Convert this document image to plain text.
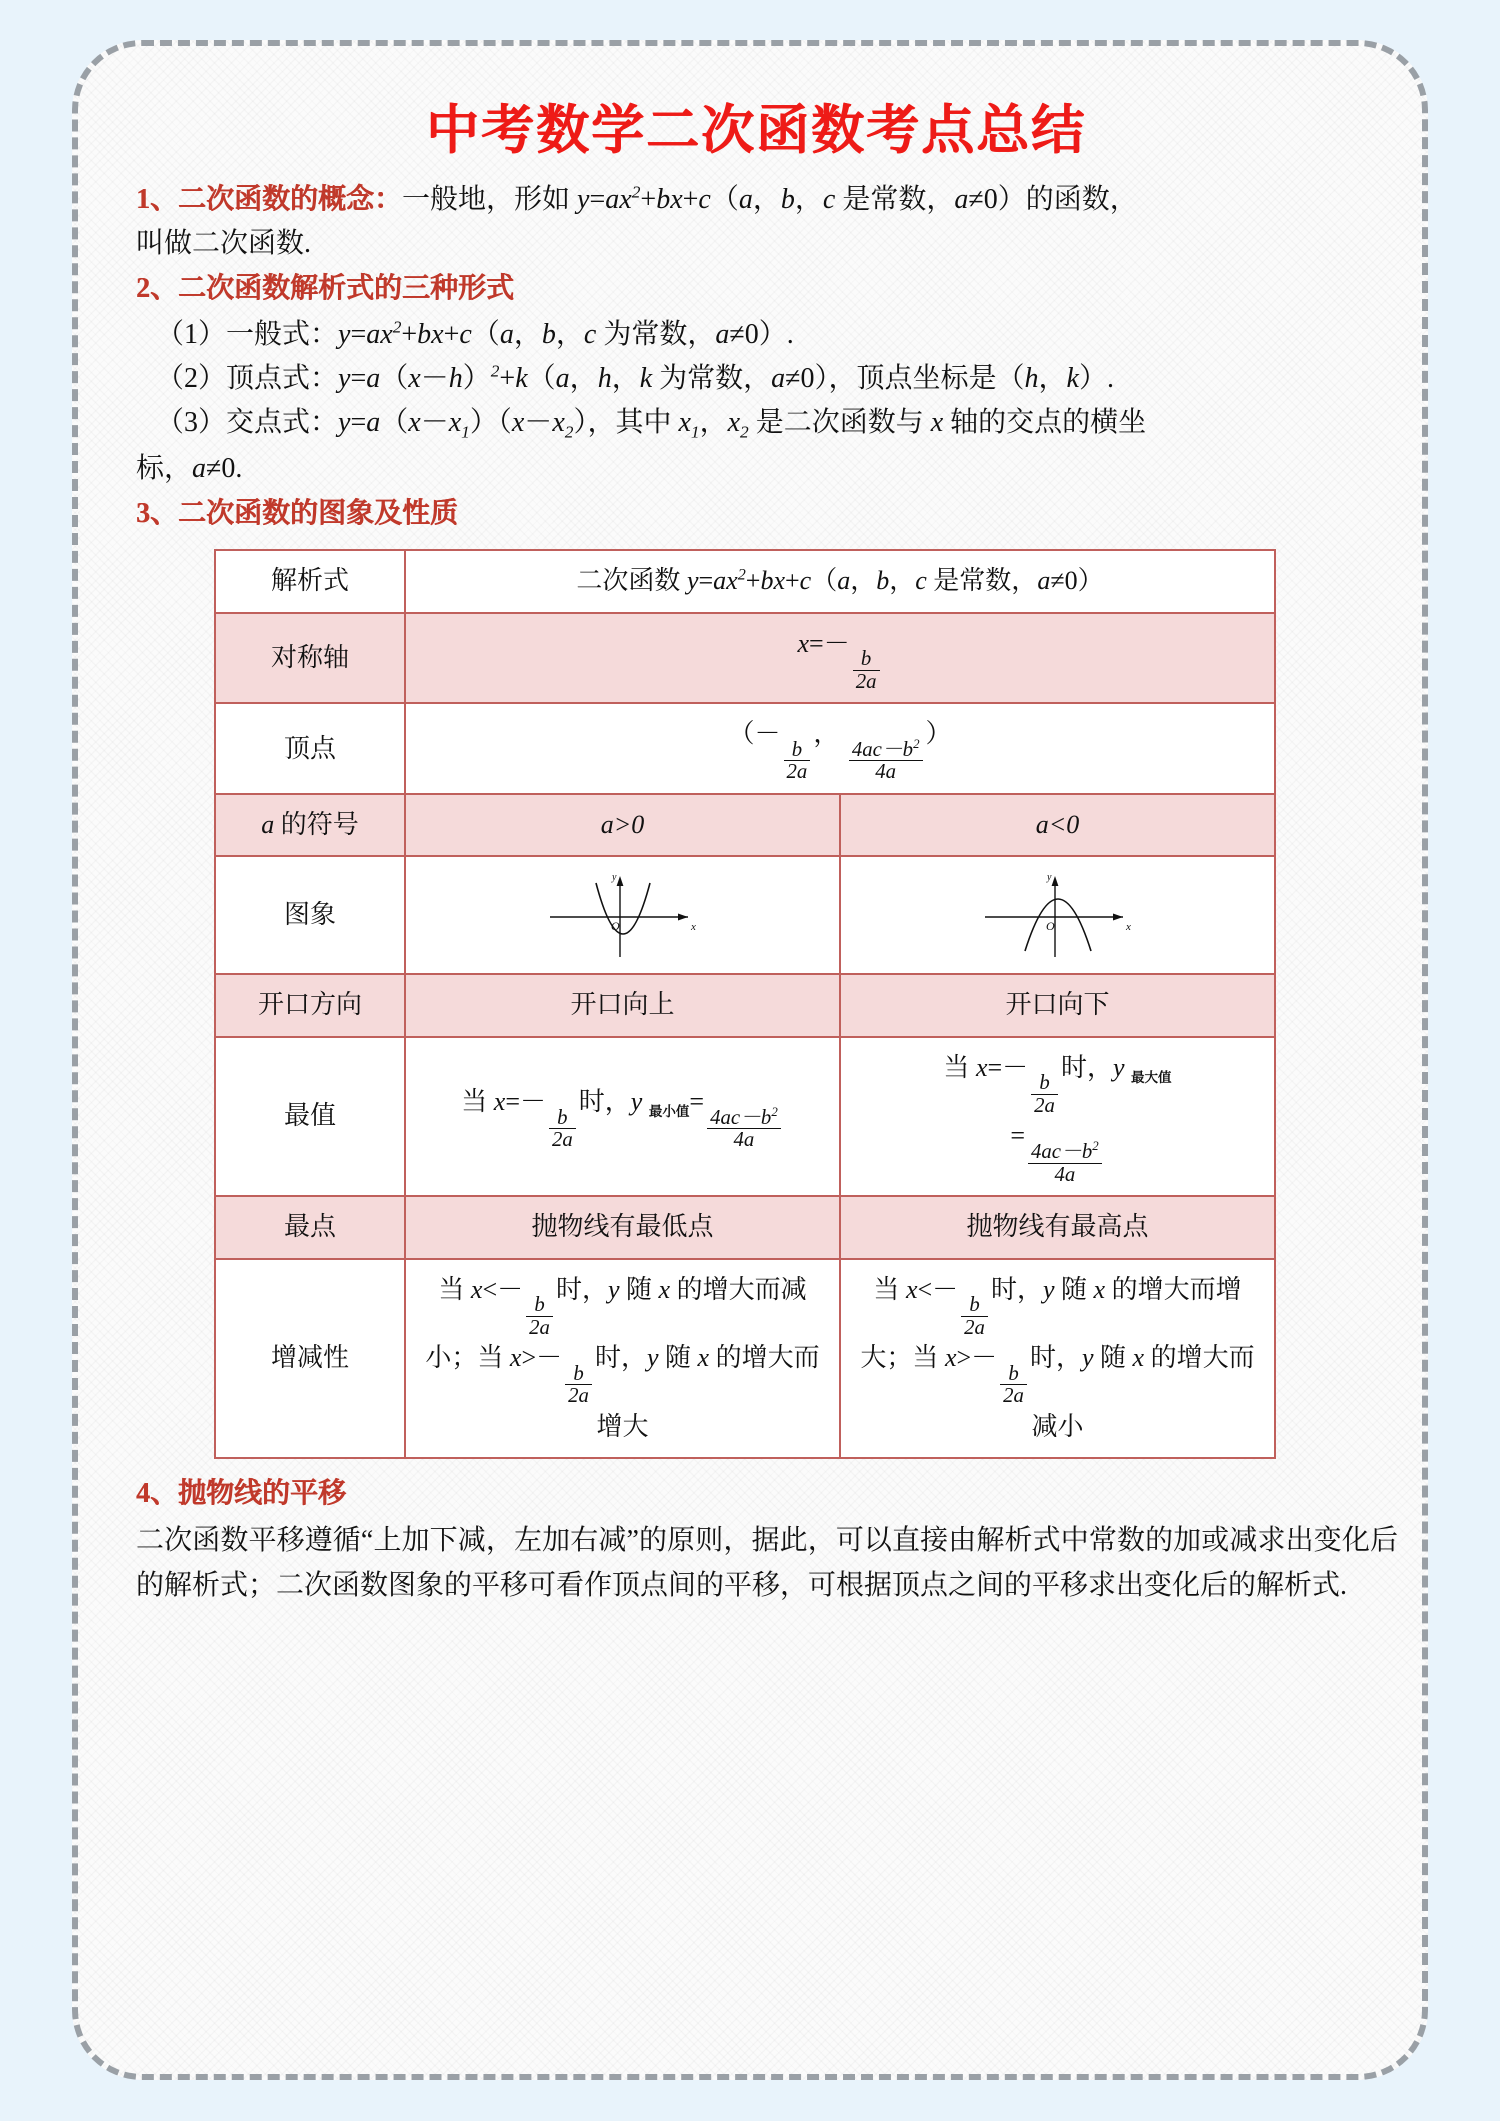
中考数学二次函数考点总结
1、二次函数的概念：一般地，形如 $y=ax^2+bx+c(a$，b，c 是常数，a≠0）的函数，
叫做二次函数.
2、二次函数解析式的三种形式
（1）一般式：$y=ax^2+bx+c(a$，b，c 为常数，a≠0）.
（2）顶点式：$y=a(x-h)^2+k(a$，h，k 为常数，a≠0），顶点坐标是（h，k）.
（3）交点式：$y=a(x-x_1)(x-x_2)$，其中 $x_1$，$x_2$ 是二次函数与 x 轴的交点的横坐
标，a≠0.
3、二次函数的图象及性质
解析式	二次函数 $y=ax^2+bx+c(a$，b，c 是常数，a≠0）	
对称轴	x=－
$\frac{b}{2a}$

顶点	（－
$\frac{b}{2a}$
，
$\frac{4ac-b^2}{4a}$
）
a 的符号	a>0	a<0
图象	O
y
x	O
y
x

开口方向	开口向上	开口向下
最值	当 x=－
$\frac{b}{2a}$
时，y $_{最小值}$=
$\frac{4ac-b^2}{4a}$
	当 x=－
$\frac{b}{2a}$
时，y $_{最大值}$
=
$\frac{4ac-b^2}{4a}$

最点	抛物线有最低点	抛物线有最高点
增减性	当 x<－
$\frac{b}{2a}$
时，y 随 x 的增大而减小；当 x>－
$\frac{b}{2a}$
时，y 随 x 的增大而增大	当 x<－
$\frac{b}{2a}$
时，y 随 x 的增大而增大；当 x>－
$\frac{b}{2a}$
时，y 随 x 的增大而减小
4、抛物线的平移
二次函数平移遵循“上加下减，左加右减”的原则，据此，可以直接由解析式中常数的加或减求出变化后的解析式；二次函数图象的平移可看作顶点间的平移，可根据顶点之间的平移求出变化后的解析式.
